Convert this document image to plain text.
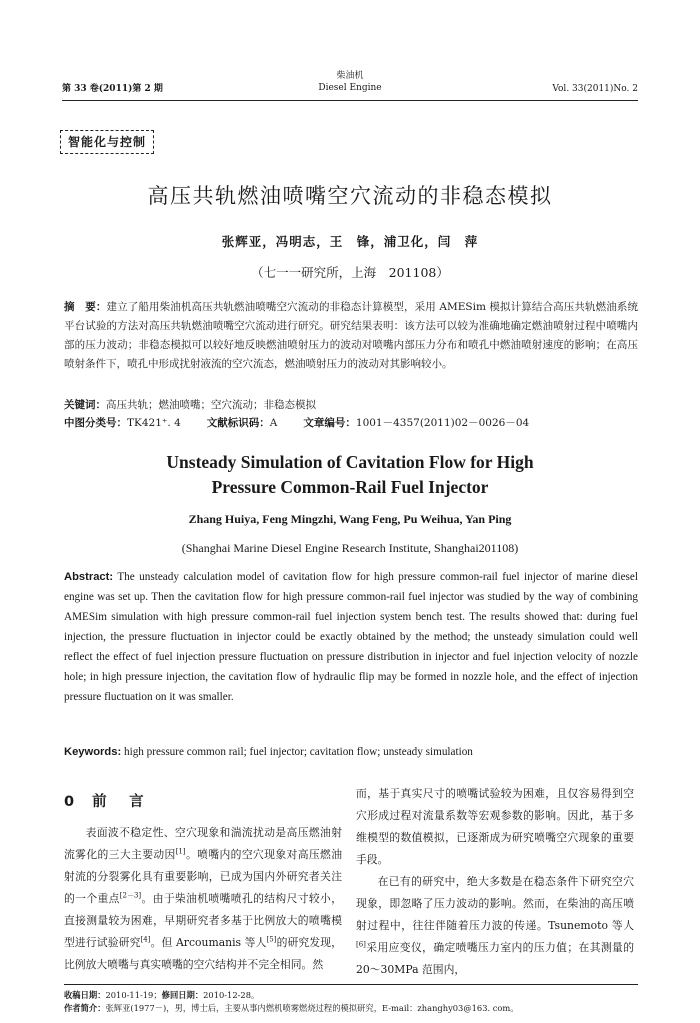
第 33 卷(2011)第 2 期
柴油机
Diesel Engine	Vol. 33(2011)No. 2
智能化与控制
高压共轨燃油喷嘴空穴流动的非稳态模拟
张辉亚，冯明志，王　锋，浦卫化，闫　萍
（七一一研究所，上海　201108）
摘　要：建立了船用柴油机高压共轨燃油喷嘴空穴流动的非稳态计算模型，采用 AMESim 模拟计算结合高压共轨燃油系统平台试验的方法对高压共轨燃油喷嘴空穴流动进行研究。研究结果表明：该方法可以较为准确地确定燃油喷射过程中喷嘴内部的压力波动；非稳态模拟可以较好地反映燃油喷射压力的波动对喷嘴内部压力分布和喷孔中燃油喷射速度的影响；在高压喷射条件下，喷孔中形成扰射液流的空穴流态，燃油喷射压力的波动对其影响较小。
关键词：高压共轨；燃油喷嘴；空穴流动；非稳态模拟
中图分类号：TK421⁺. 4 文献标识码：A 文章编号：1001－4357(2011)02－0026－04
Unsteady Simulation of Cavitation Flow for High
Pressure Common-Rail Fuel Injector
Zhang Huiya, Feng Mingzhi, Wang Feng, Pu Weihua, Yan Ping
(Shanghai Marine Diesel Engine Research Institute, Shanghai201108)
Abstract: The unsteady calculation model of cavitation flow for high pressure common-rail fuel injector of marine diesel engine was set up. Then the cavitation flow for high pressure common-rail fuel injector was studied by the way of combining AMESim simulation with high pressure common-rail fuel injection system bench test. The results showed that: during fuel injection, the pressure fluctuation in injector could be exactly obtained by the method; the unsteady simulation could well reflect the effect of fuel injection pressure fluctuation on pressure distribution in injector and fuel injection velocity of nozzle hole; in high pressure injection, the cavitation flow of hydraulic flip may be formed in nozzle hole, and the effect of injection pressure fluctuation on it was smaller.
Keywords: high pressure common rail; fuel injector; cavitation flow; unsteady simulation
0 前　言
表面波不稳定性、空穴现象和湍流扰动是高压燃油射流雾化的三大主要动因[1]。喷嘴内的空穴现象对高压燃油射流的分裂雾化具有重要影响，已成为国内外研究者关注的一个重点[2－3]。由于柴油机喷嘴喷孔的结构尺寸较小，直接测量较为困难，早期研究者多基于比例放大的喷嘴模型进行试验研究[4]。但 Arcoumanis 等人[5]的研究发现，比例放大喷嘴与真实喷嘴的空穴结构并不完全相同。然
而，基于真实尺寸的喷嘴试验较为困难，且仅容易得到空穴形成过程对流量系数等宏观参数的影响。因此，基于多维模型的数值模拟，已逐渐成为研究喷嘴空穴现象的重要手段。
在已有的研究中，绝大多数是在稳态条件下研究空穴现象，即忽略了压力波动的影响。然而，在柴油的高压喷射过程中，往往伴随着压力波的传递。Tsunemoto 等人[6]采用应变仪，确定喷嘴压力室内的压力值；在其测量的 20～30MPa 范围内，
收稿日期：2010-11-19；修回日期：2010-12-28。
作者简介：张辉亚(1977－)，男，博士后，主要从事内燃机喷雾燃烧过程的模拟研究，E-mail：zhanghy03@163. com。
